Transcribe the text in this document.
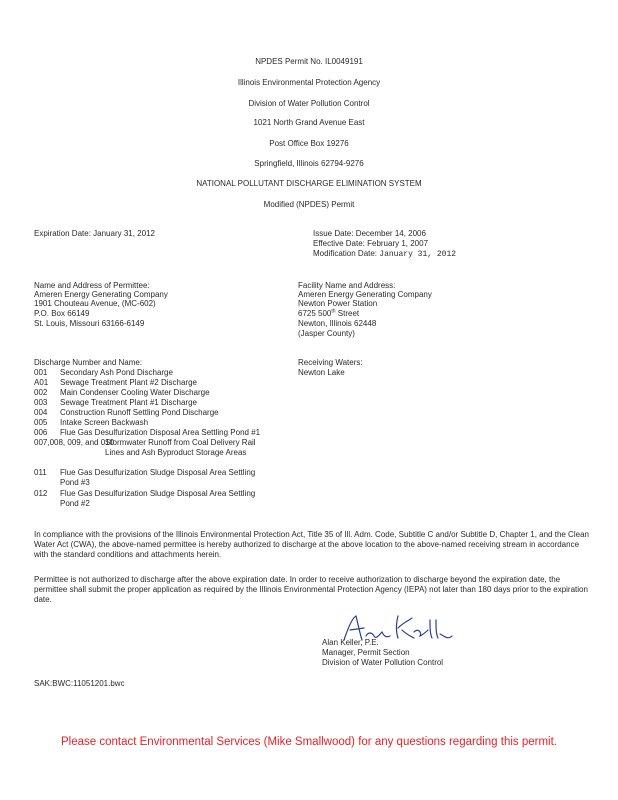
NPDES Permit No. IL0049191
Illinois Environmental Protection Agency
Division of Water Pollution Control
1021 North Grand Avenue East
Post Office Box 19276
Springfield, Illinois 62794-9276
NATIONAL POLLUTANT DISCHARGE ELIMINATION SYSTEM
Modified (NPDES) Permit
Expiration Date: January 31, 2012	Issue Date: December 14, 2006
Effective Date: February 1, 2007
Modification Date: January 31, 2012
Name and Address of Permittee:
Ameren Energy Generating Company
1901 Chouteau Avenue, (MC-602)
P.O. Box 66149
St. Louis, Missouri 63166-6149
Facility Name and Address:
Ameren Energy Generating Company
Newton Power Station
6725 500th Street
Newton, Illinois 62448
(Jasper County)
Discharge Number and Name:	Receiving Waters:
Newton Lake
001 Secondary Ash Pond Discharge
A01 Sewage Treatment Plant #2 Discharge
002 Main Condenser Cooling Water Discharge
003 Sewage Treatment Plant #1 Discharge
004 Construction Runoff Settling Pond Discharge
005 Intake Screen Backwash
006 Flue Gas Desulfurization Disposal Area Settling Pond #1
007,008, 009, and 010
Stormwater Runoff from Coal Delivery Rail Lines and Ash Byproduct Storage Areas
011 Flue Gas Desulfurization Sludge Disposal Area Settling Pond #3
012 Flue Gas Desulfurization Sludge Disposal Area Settling Pond #2
In compliance with the provisions of the Illinois Environmental Protection Act, Title 35 of Ill. Adm. Code, Subtitle C and/or Subtitle D, Chapter 1, and the Clean Water Act (CWA), the above-named permittee is hereby authorized to discharge at the above location to the above-named receiving stream in accordance with the standard conditions and attachments herein.
Permittee is not authorized to discharge after the above expiration date. In order to receive authorization to discharge beyond the expiration date, the permittee shall submit the proper application as required by the Illinois Environmental Protection Agency (IEPA) not later than 180 days prior to the expiration date.
Alan Keller, P.E.
Manager, Permit Section
Division of Water Pollution Control
SAK:BWC:11051201.bwc
Please contact Environmental Services (Mike Smallwood) for any questions regarding this permit.
